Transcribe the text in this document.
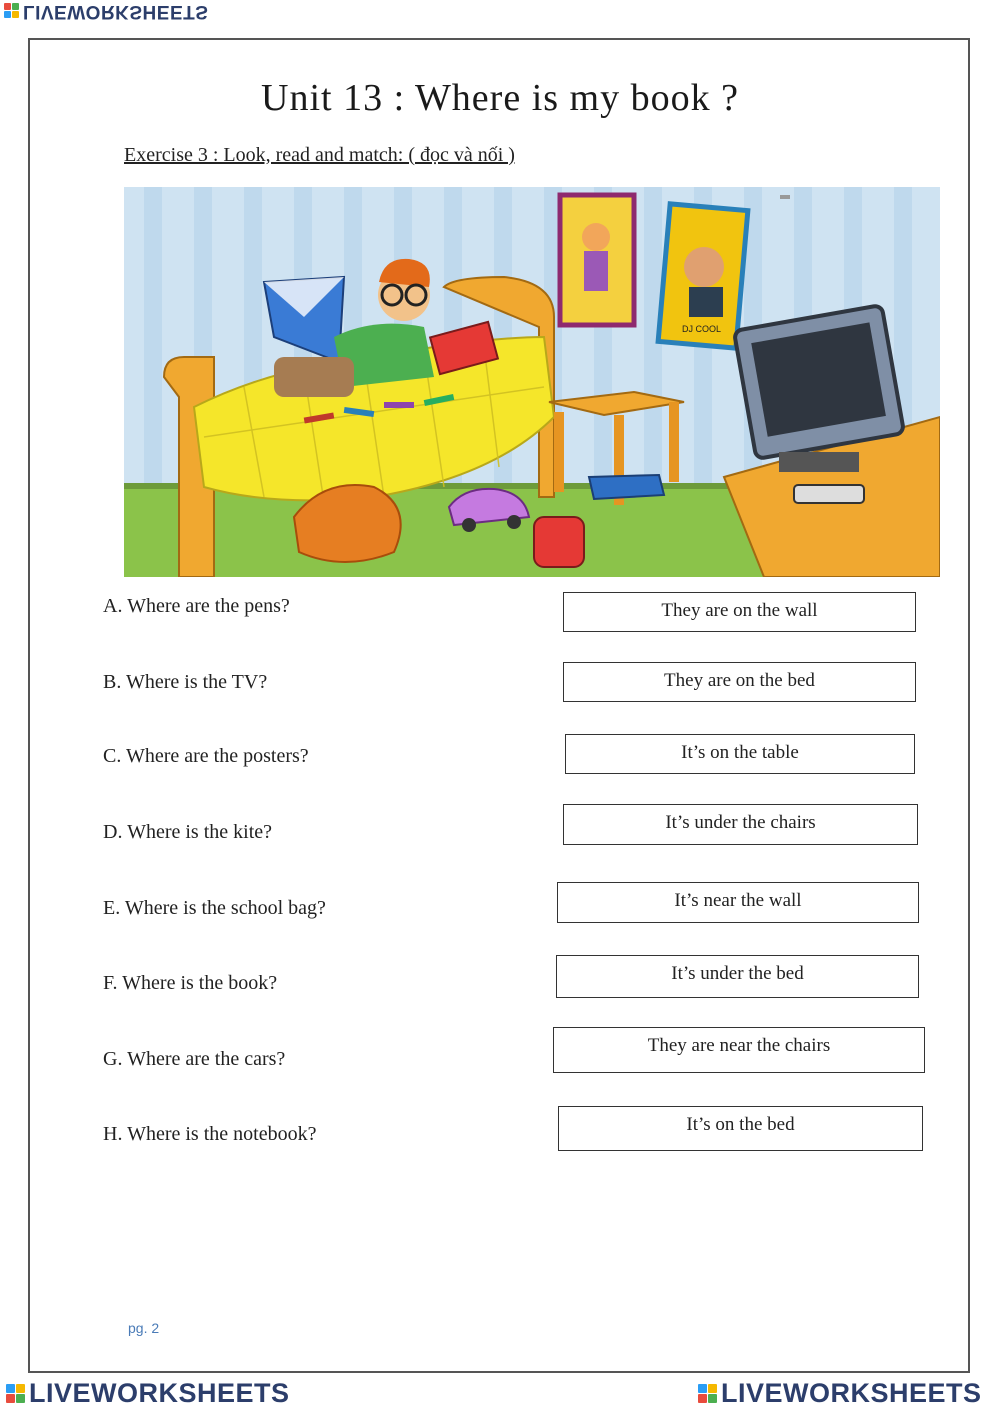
LIVEWORKSHEETS
Unit 13 : Where is my book ?
Exercise 3 : Look, read and match: ( đọc và nối )
DJ COOL
A. Where are the pens?
B. Where is the TV?
C. Where are the posters?
D. Where is the kite?
E. Where is the school bag?
F. Where is the book?
G. Where are the cars?
H. Where is the notebook?
They are on the wall
They are on the bed
It’s on the table
It’s under the chairs
It’s near the wall
It’s under the bed
They are near the chairs
It’s on the bed
pg. 2
LIVEWORKSHEETS	LIVEWORKSHEETS
